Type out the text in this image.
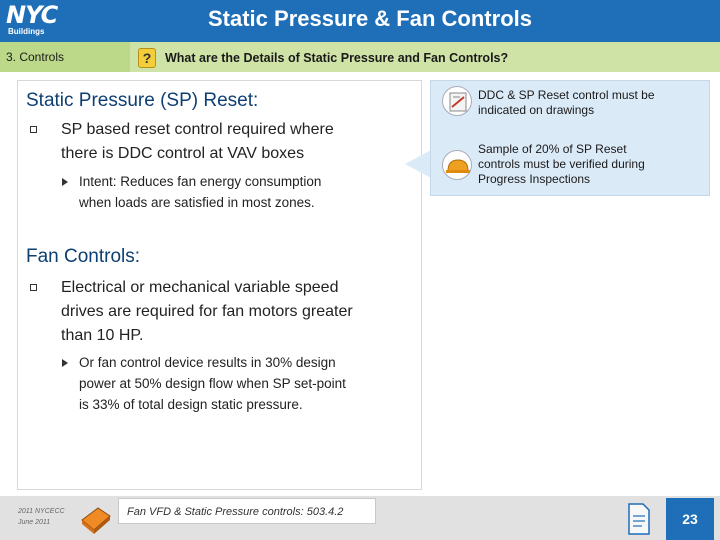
NYC
Buildings
Static Pressure & Fan Controls
3. Controls	?	What are the Details of Static Pressure and Fan Controls?
Static Pressure (SP) Reset:
SP based reset control required where
there is DDC control at VAV boxes
Intent: Reduces fan energy consumption
when loads are satisfied in most zones.
Fan Controls:
Electrical or mechanical variable speed
drives are required for fan motors greater
than 10 HP.
Or fan control device results in 30% design
power at 50% design flow when SP set-point
is 33% of total design static pressure.
DDC & SP Reset control must be
indicated on drawings
Sample of 20% of SP Reset
controls must be verified during
Progress Inspections
2011 NYCECC
June 2011
Fan VFD & Static Pressure controls: 503.4.2	23
